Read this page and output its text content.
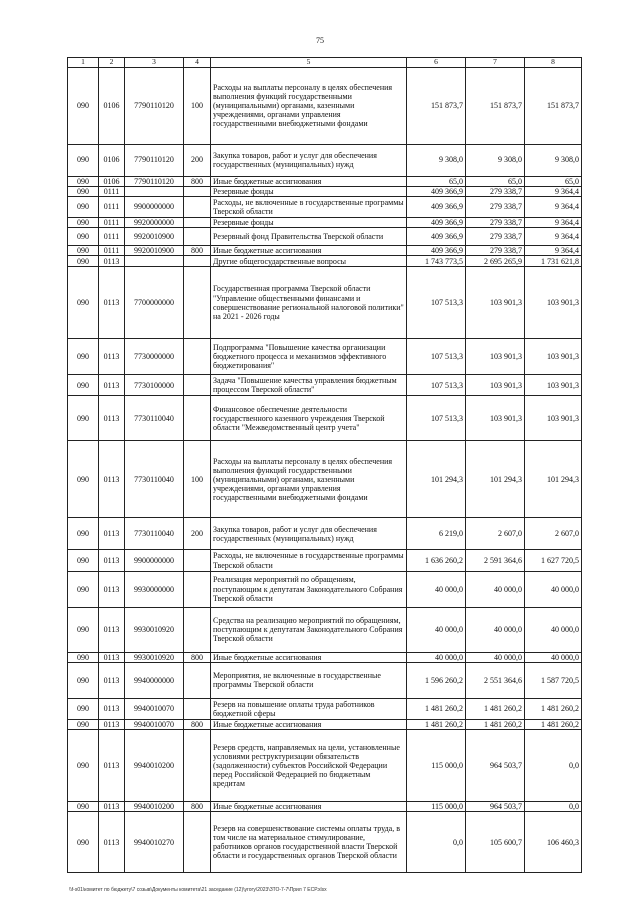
75
1	2	3	4	5	6	7	8
090	0106	7790110120	100	Расходы на выплаты персоналу в целях обеспечения выполнения функций государственными (муниципальными) органами, казенными учреждениями, органами управления государственными внебюджетными фондами	151 873,7	151 873,7	151 873,7
090	0106	7790110120	200	Закупка товаров, работ и услуг для обеспечения государственных (муниципальных) нужд	9 308,0	9 308,0	9 308,0
090	0106	7790110120	800	Иные бюджетные ассигнования	65,0	65,0	65,0
090	0111			Резервные фонды	409 366,9	279 338,7	9 364,4
090	0111	9900000000		Расходы, не включенные в государственные программы Тверской области	409 366,9	279 338,7	9 364,4
090	0111	9920000000		Резервные фонды	409 366,9	279 338,7	9 364,4
090	0111	9920010900		Резервный фонд Правительства Тверской области	409 366,9	279 338,7	9 364,4
090	0111	9920010900	800	Иные бюджетные ассигнования	409 366,9	279 338,7	9 364,4
090	0113			Другие общегосударственные вопросы	1 743 773,5	2 695 265,9	1 731 621,8
090	0113	7700000000		Государственная программа Тверской области "Управление общественными финансами и совершенствование региональной налоговой политики" на 2021 - 2026 годы	107 513,3	103 901,3	103 901,3
090	0113	7730000000		Подпрограмма "Повышение качества организации бюджетного процесса и механизмов эффективного бюджетирования"	107 513,3	103 901,3	103 901,3
090	0113	7730100000		Задача "Повышение качества управления бюджетным процессом Тверской области"	107 513,3	103 901,3	103 901,3
090	0113	7730110040		Финансовое обеспечение деятельности государственного казенного учреждения Тверской области "Межведомственный центр учета"	107 513,3	103 901,3	103 901,3
090	0113	7730110040	100	Расходы на выплаты персоналу в целях обеспечения выполнения функций государственными (муниципальными) органами, казенными учреждениями, органами управления государственными внебюджетными фондами	101 294,3	101 294,3	101 294,3
090	0113	7730110040	200	Закупка товаров, работ и услуг для обеспечения государственных (муниципальных) нужд	6 219,0	2 607,0	2 607,0
090	0113	9900000000		Расходы, не включенные в государственные программы Тверской области	1 636 260,2	2 591 364,6	1 627 720,5
090	0113	9930000000		Реализация мероприятий по обращениям, поступающим к депутатам Законодательного Собрания Тверской области	40 000,0	40 000,0	40 000,0
090	0113	9930010920		Средства на реализацию мероприятий по обращениям, поступающим к депутатам Законодательного Собрания Тверской области	40 000,0	40 000,0	40 000,0
090	0113	9930010920	800	Иные бюджетные ассигнования	40 000,0	40 000,0	40 000,0
090	0113	9940000000		Мероприятия, не включенные в государственные программы Тверской области	1 596 260,2	2 551 364,6	1 587 720,5
090	0113	9940010070		Резерв на повышение оплаты труда работников бюджетной сферы	1 481 260,2	1 481 260,2	1 481 260,2
090	0113	9940010070	800	Иные бюджетные ассигнования	1 481 260,2	1 481 260,2	1 481 260,2
090	0113	9940010200		Резерв средств, направляемых на цели, установленные условиями реструктуризации обязательств (задолженности) субъектов Российской Федерации перед Российской Федерацией по бюджетным кредитам	115 000,0	964 503,7	0,0
090	0113	9940010200	800	Иные бюджетные ассигнования	115 000,0	964 503,7	0,0
090	0113	9940010270		Резерв на совершенствование системы оплаты труда, в том числе на материальное стимулирование, работников органов государственной власти Тверской области и государственных органов Тверской области	0,0	105 600,7	106 460,3
\\f-s01\комитет по бюджету\7 созыв\Документы комитета\21 заседание (12)\угогу\2023\ЗТО-7-7\Прил 7 ЕСР.xlsx
